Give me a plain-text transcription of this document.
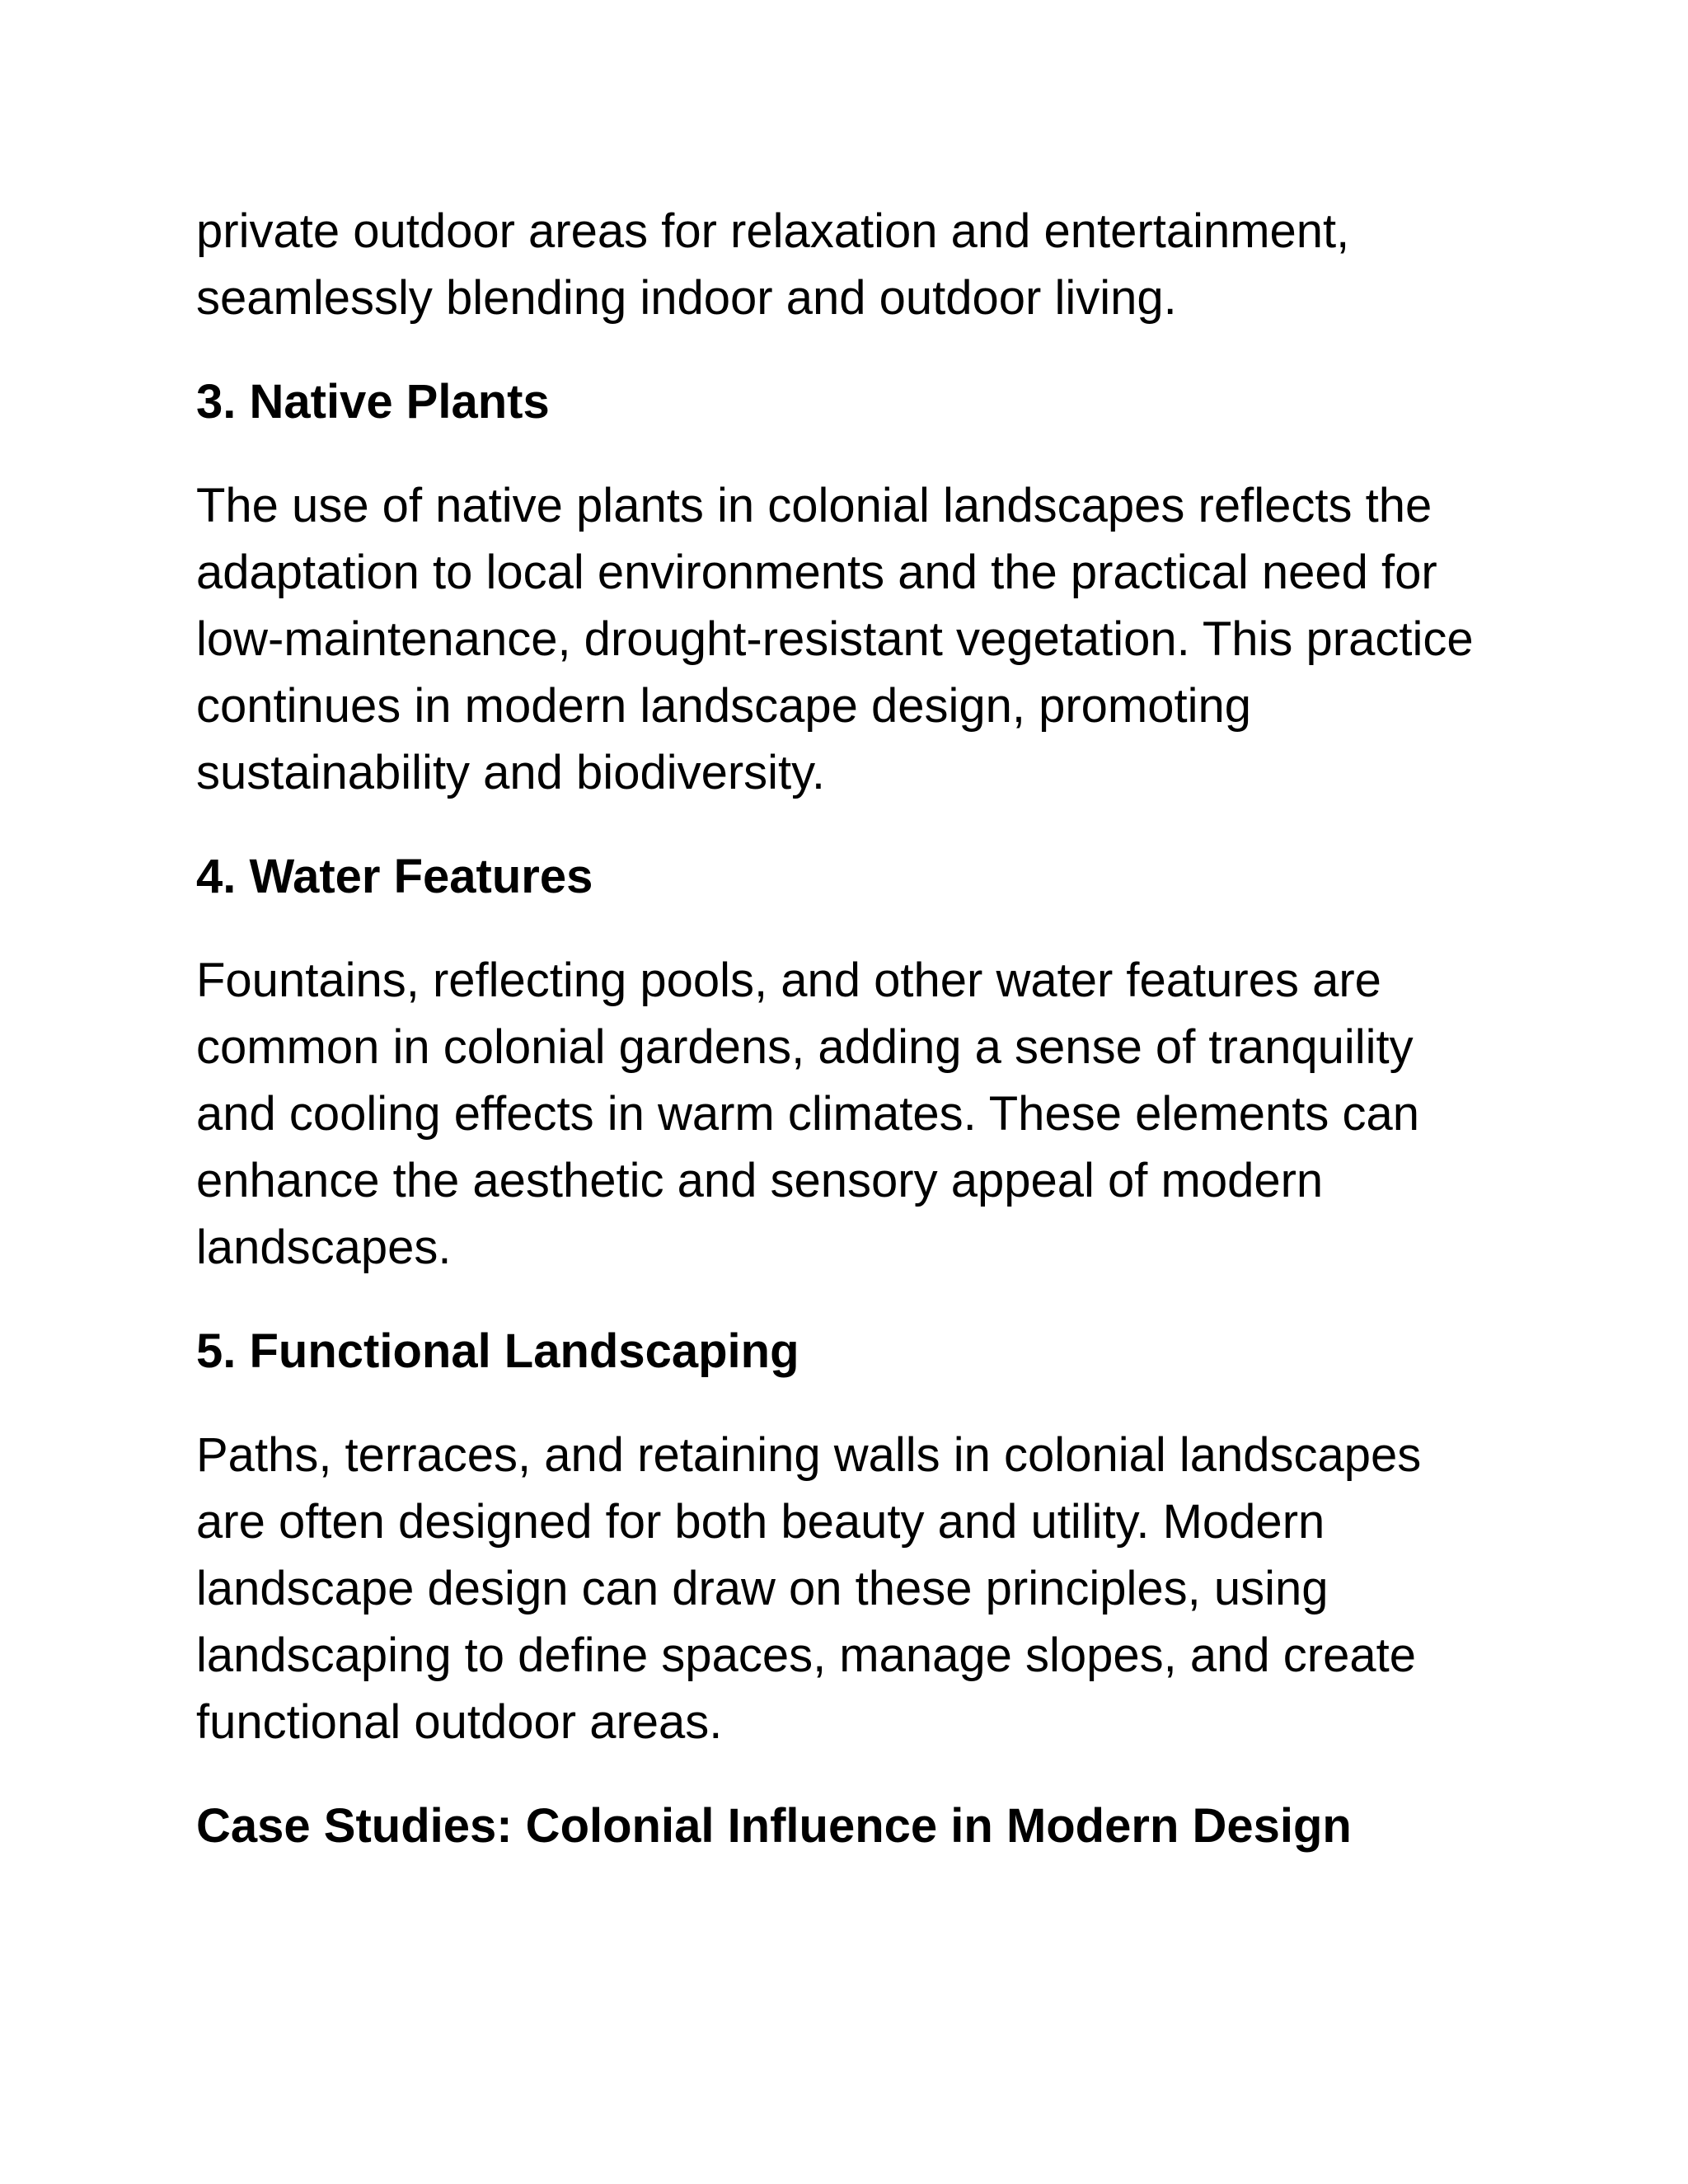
private outdoor areas for relaxation and entertainment, seamlessly blending indoor and outdoor living.

3. Native Plants

The use of native plants in colonial landscapes reflects the adaptation to local environments and the practical need for low-maintenance, drought-resistant vegetation. This practice continues in modern landscape design, promoting sustainability and biodiversity.

4. Water Features

Fountains, reflecting pools, and other water features are common in colonial gardens, adding a sense of tranquility and cooling effects in warm climates. These elements can enhance the aesthetic and sensory appeal of modern landscapes.

5. Functional Landscaping

Paths, terraces, and retaining walls in colonial landscapes are often designed for both beauty and utility. Modern landscape design can draw on these principles, using landscaping to define spaces, manage slopes, and create functional outdoor areas.

Case Studies: Colonial Influence in Modern Design
